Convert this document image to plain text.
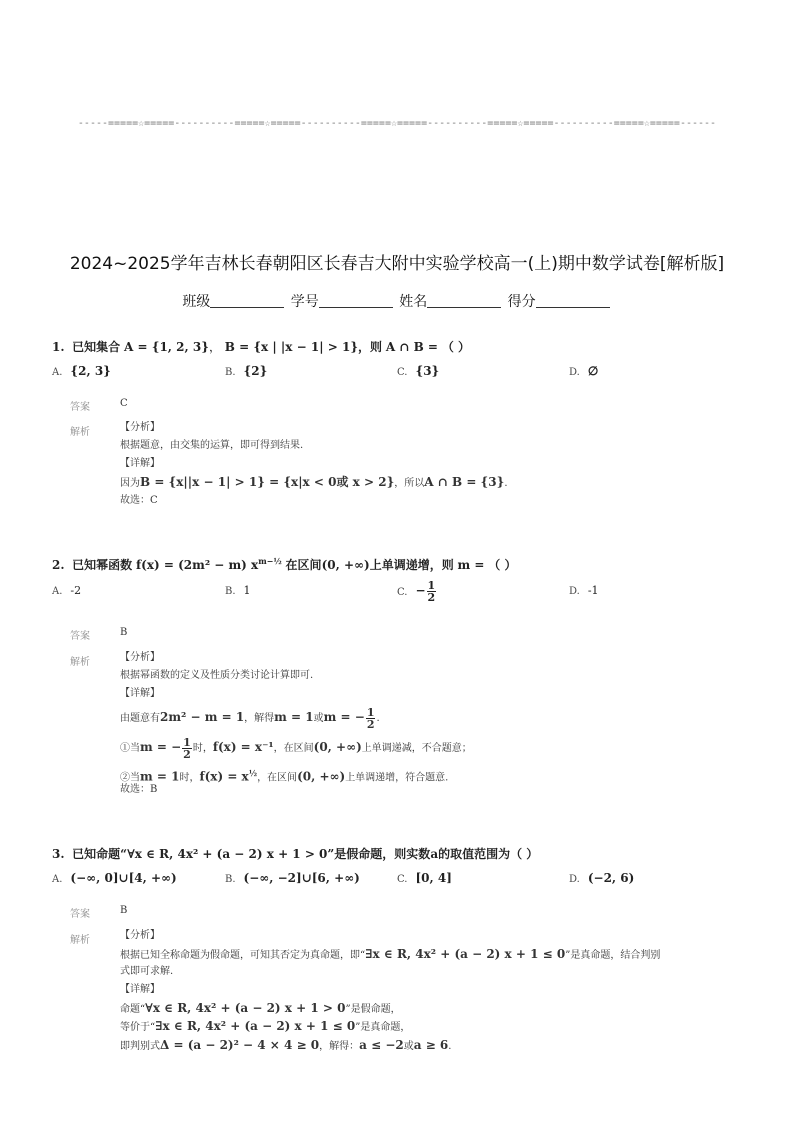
-----=====☆=====----------=====☆=====----------=====☆=====----------=====☆=====----------=====☆=====------
2024~2025学年吉林长春朝阳区长春吉大附中实验学校高一(上)期中数学试卷[解析版]
班级	学号	姓名	得分
1. 已知集合 A = {1, 2, 3}， B = {x | |x − 1| > 1}，则 A ∩ B = （ ）
A. {2, 3}	B. {2}	C. {3}	D. ∅
答案	C
解析	【分析】
根据题意，由交集的运算，即可得到结果.
【详解】
因为B = {x||x − 1| > 1} = {x|x < 0或 x > 2}，所以A ∩ B = {3}.
故选：C
2. 已知幂函数 f(x) = (2m² − m) $x^{m-\frac{1}{2}}$ 在区间(0, +∞)上单调递增，则 m = （ ）
A. -2	B. 1	C. − $\frac{1}{2}$	D. -1
答案	B
解析	【分析】
根据幂函数的定义及性质分类讨论计算即可.
【详解】
由题意有2m² − m = 1，解得m = 1或m = − $\frac{1}{2}$ .
①当m = − $\frac{1}{2}$ 时，f(x) = x⁻¹，在区间(0, +∞)上单调递减，不合题意；
②当m = 1时，$f(x) = x^{\frac{1}{2}}$，在区间(0, +∞)上单调递增，符合题意.
故选：B
3. 已知命题“∀x ∈ R, 4x² + (a − 2) x + 1 > 0”是假命题，则实数a的取值范围为（ ）
A. (−∞, 0]∪[4, +∞)	B. (−∞, −2]∪[6, +∞)	C. [0, 4]	D. (−2, 6)
答案	B
解析	【分析】
根据已知全称命题为假命题，可知其否定为真命题，即“∃x ∈ R, 4x² + (a − 2) x + 1 ≤ 0”是真命题，结合判别
式即可求解.
【详解】
命题“∀x ∈ R, 4x² + (a − 2) x + 1 > 0”是假命题，
等价于“∃x ∈ R, 4x² + (a − 2) x + 1 ≤ 0”是真命题，
即判别式Δ = (a − 2)² − 4 × 4 ≥ 0，解得：a ≤ −2或a ≥ 6.
